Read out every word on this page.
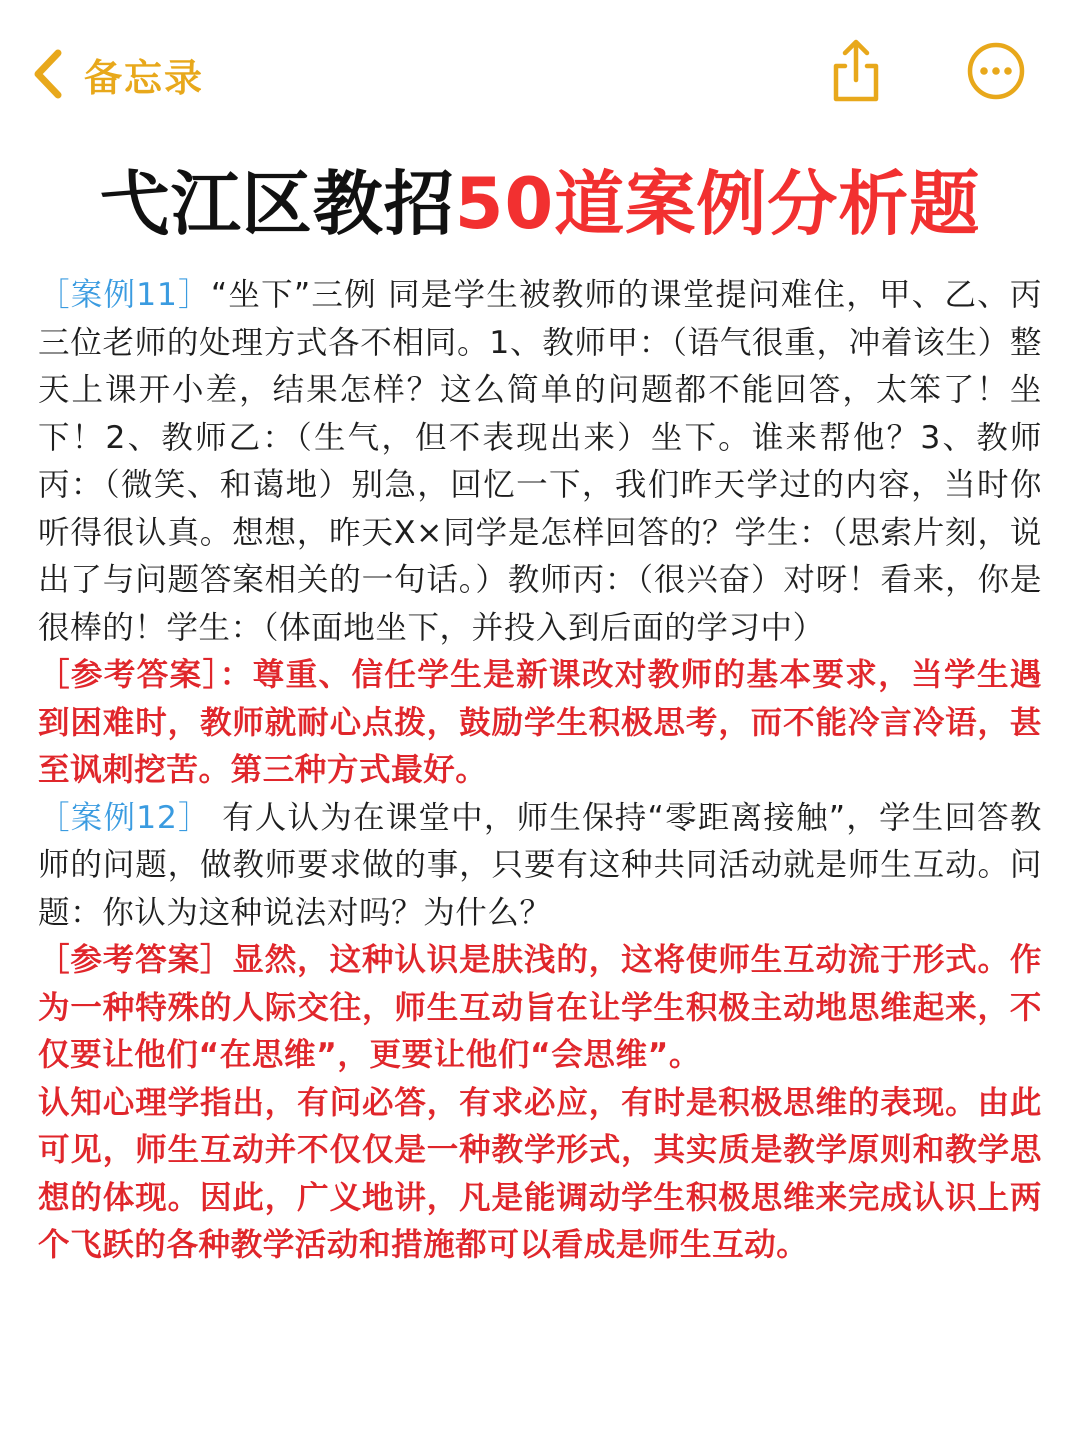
备忘录
弋江区教招50道案例分析题

［案例11］“坐下”三例 同是学生被教师的课堂提问难住，甲、乙、丙三位老师的处理方式各不相同。1、教师甲：（语气很重，冲着该生）整天上课开小差，结果怎样？这么简单的问题都不能回答，太笨了！坐下！2、教师乙：（生气，但不表现出来）坐下。谁来帮他？3、教师丙：（微笑、和蔼地）别急，回忆一下，我们昨天学过的内容，当时你听得很认真。想想，昨天X×同学是怎样回答的？学生：（思索片刻，说出了与问题答案相关的一句话。）教师丙：（很兴奋）对呀！看来，你是很棒的！学生：（体面地坐下，并投入到后面的学习中）

［参考答案］：尊重、信任学生是新课改对教师的基本要求，当学生遇到困难时，教师就耐心点拨，鼓励学生积极思考，而不能冷言冷语，甚至讽刺挖苦。第三种方式最好。

［案例12］ 有人认为在课堂中，师生保持“零距离接触”，学生回答教师的问题，做教师要求做的事，只要有这种共同活动就是师生互动。问题：你认为这种说法对吗？为什么？

［参考答案］显然，这种认识是肤浅的，这将使师生互动流于形式。作为一种特殊的人际交往，师生互动旨在让学生积极主动地思维起来，不仅要让他们“在思维”，更要让他们“会思维”。

认知心理学指出，有问必答，有求必应，有时是积极思维的表现。由此可见，师生互动并不仅仅是一种教学形式，其实质是教学原则和教学思想的体现。因此，广义地讲，凡是能调动学生积极思维来完成认识上两个飞跃的各种教学活动和措施都可以看成是师生互动。
